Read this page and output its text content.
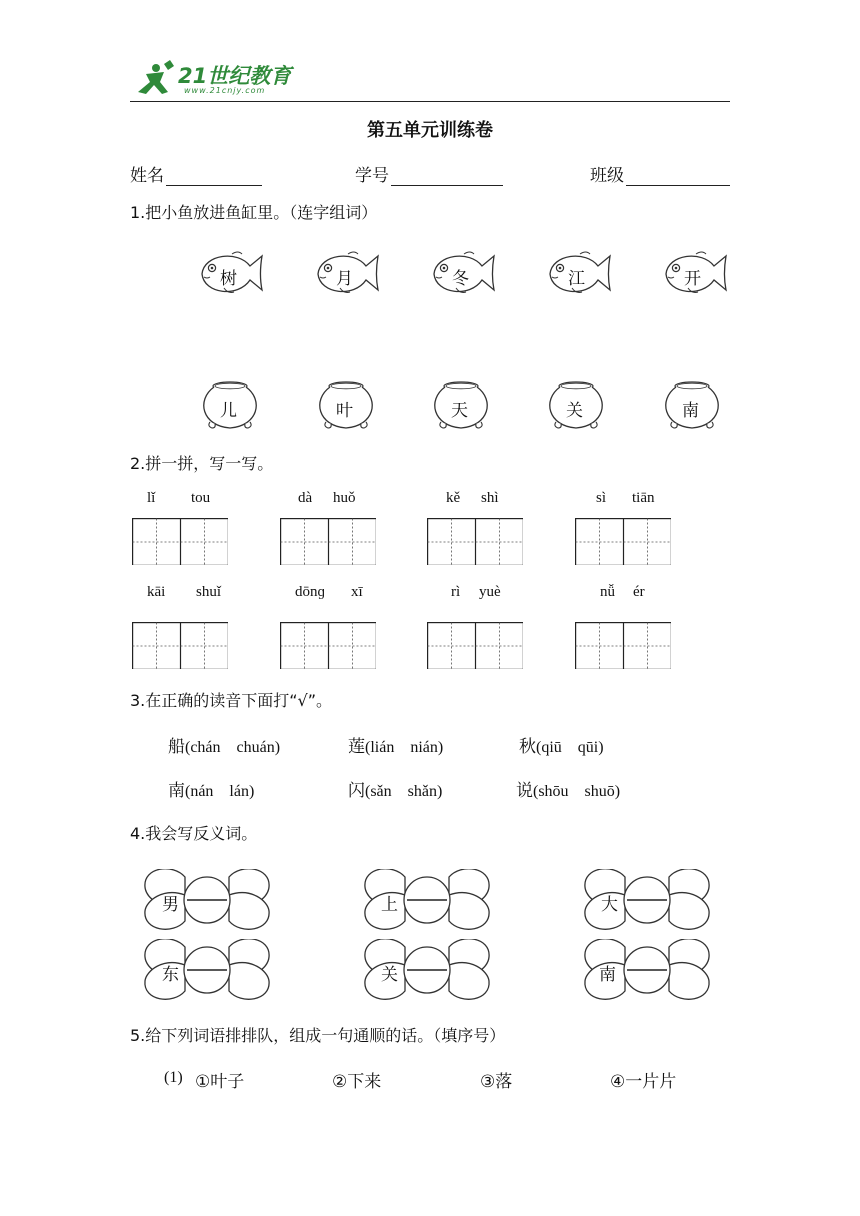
21世纪教育
www.21cnjy.com
第五单元训练卷
姓名	学号	班级
1.把小鱼放进鱼缸里。（连字组词）
树	月	冬	江	开
儿	叶	天	关	南
2.拼一拼，写一写。
lǐ tou	dà huǒ	kě shì	sì tiān
kāi shuǐ	dōnɡ xī	rì yuè	nǚ ér
3.在正确的读音下面打“√”。
船 (chán　chuán)	莲 (lián　nián)	秋 (qiū　qūi)
南 (nán　lán)	闪 (sǎn　shǎn)	说 (shōu　shuō)
4.我会写反义词。
男	上	大
东	关	南
5.给下列词语排排队，组成一句通顺的话。（填序号）
(1) ①叶子	②下来	③落	④一片片
